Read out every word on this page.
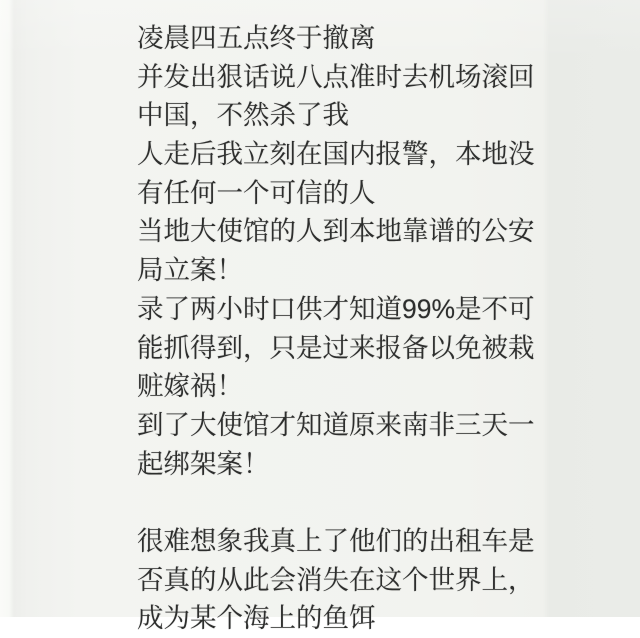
凌晨四五点终于撤离
并发出狠话说八点准时去机场滚回
中国，不然杀了我
人走后我立刻在国内报警，本地没
有任何一个可信的人
当地大使馆的人到本地靠谱的公安
局立案！
录了两小时口供才知道99%是不可
能抓得到，只是过来报备以免被栽
赃嫁祸！
到了大使馆才知道原来南非三天一
起绑架案！
很难想象我真上了他们的出租车是
否真的从此会消失在这个世界上，
成为某个海上的鱼饵
